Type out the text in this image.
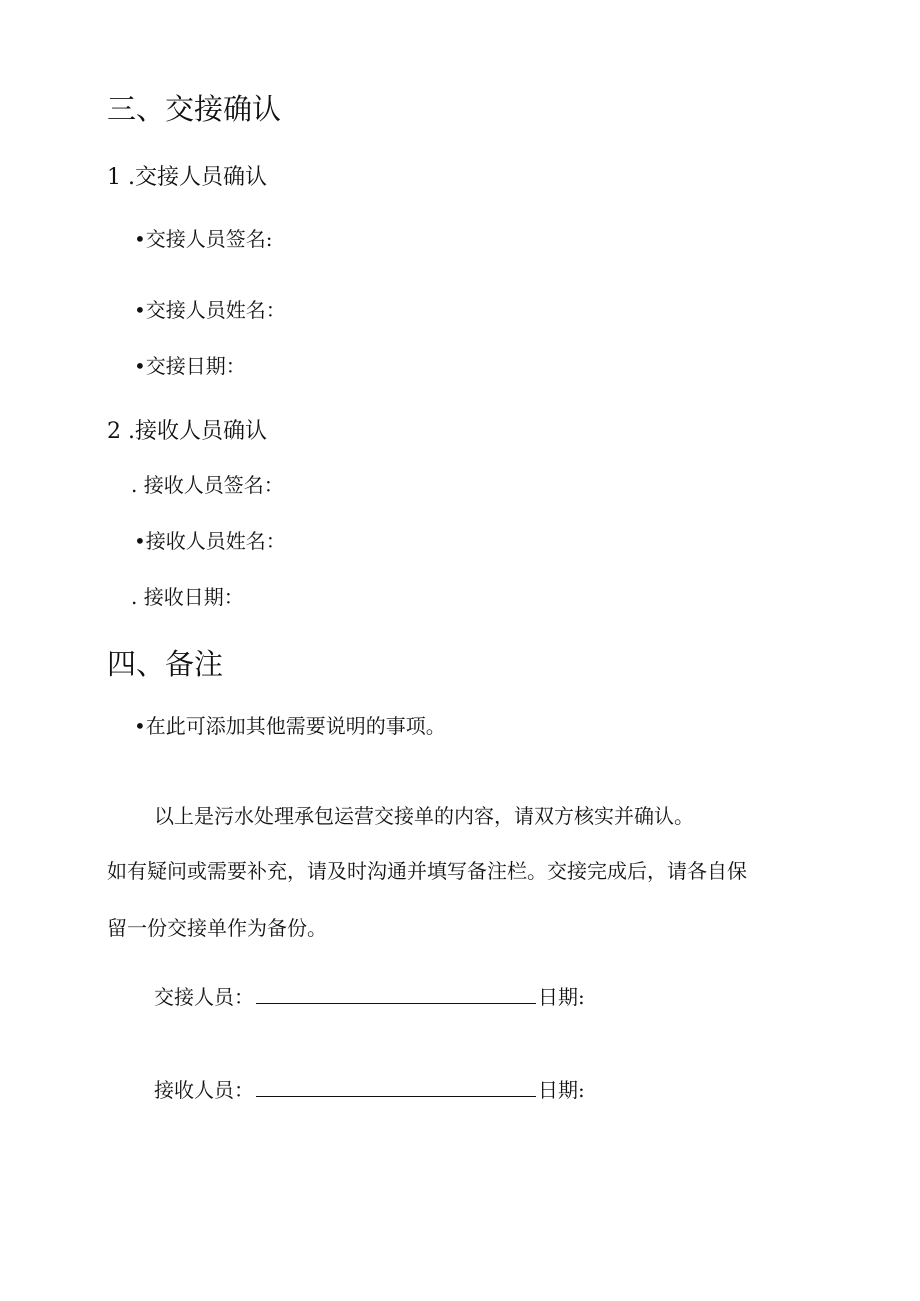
三、交接确认
1 .交接人员确认
•交接人员签名:
•交接人员姓名：
•交接日期：
2 .接收人员确认
. 接收人员签名：
•接收人员姓名：
. 接收日期：
四、备注
•在此可添加其他需要说明的事项。
以上是污水处理承包运营交接单的内容，请双方核实并确认。
如有疑问或需要补充，请及时沟通并填写备注栏。交接完成后，请各自保
留一份交接单作为备份。
交接人员：	日期:
接收人员：	日期:
